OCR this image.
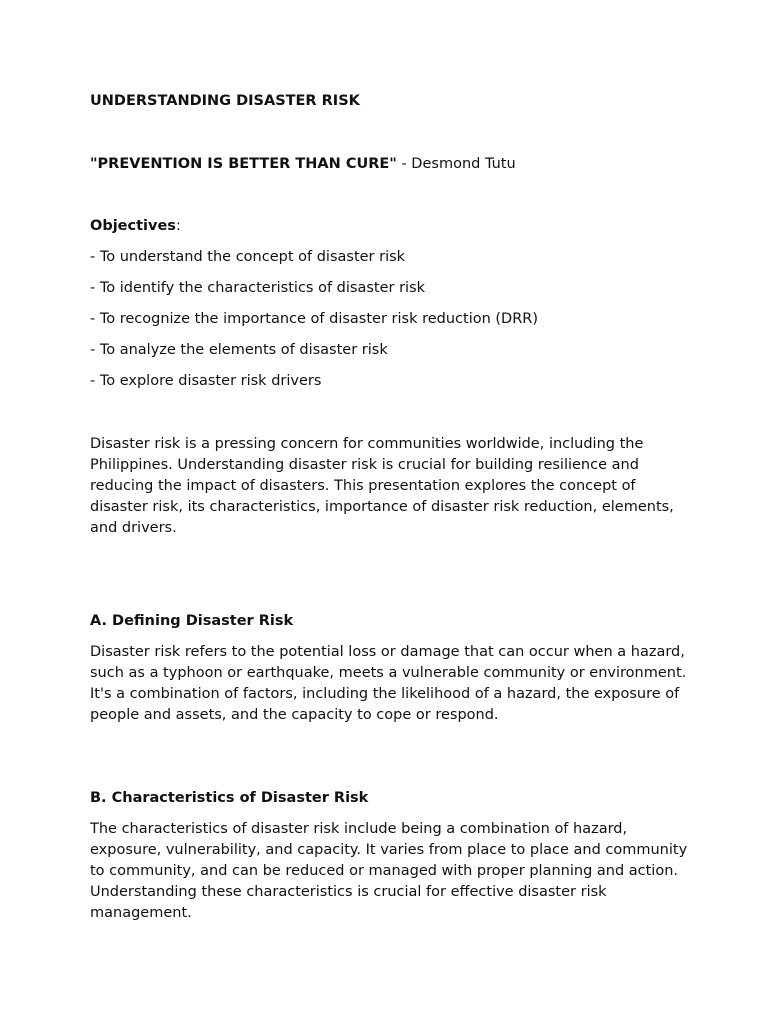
UNDERSTANDING DISASTER RISK
"PREVENTION IS BETTER THAN CURE" - Desmond Tutu
Objectives:
- To understand the concept of disaster risk
- To identify the characteristics of disaster risk
- To recognize the importance of disaster risk reduction (DRR)
- To analyze the elements of disaster risk
- To explore disaster risk drivers

Disaster risk is a pressing concern for communities worldwide, including the Philippines. Understanding disaster risk is crucial for building resilience and reducing the impact of disasters. This presentation explores the concept of disaster risk, its characteristics, importance of disaster risk reduction, elements, and drivers.

A. Defining Disaster Risk

Disaster risk refers to the potential loss or damage that can occur when a hazard, such as a typhoon or earthquake, meets a vulnerable community or environment. It's a combination of factors, including the likelihood of a hazard, the exposure of people and assets, and the capacity to cope or respond.

B. Characteristics of Disaster Risk

The characteristics of disaster risk include being a combination of hazard, exposure, vulnerability, and capacity. It varies from place to place and community to community, and can be reduced or managed with proper planning and action. Understanding these characteristics is crucial for effective disaster risk management.
